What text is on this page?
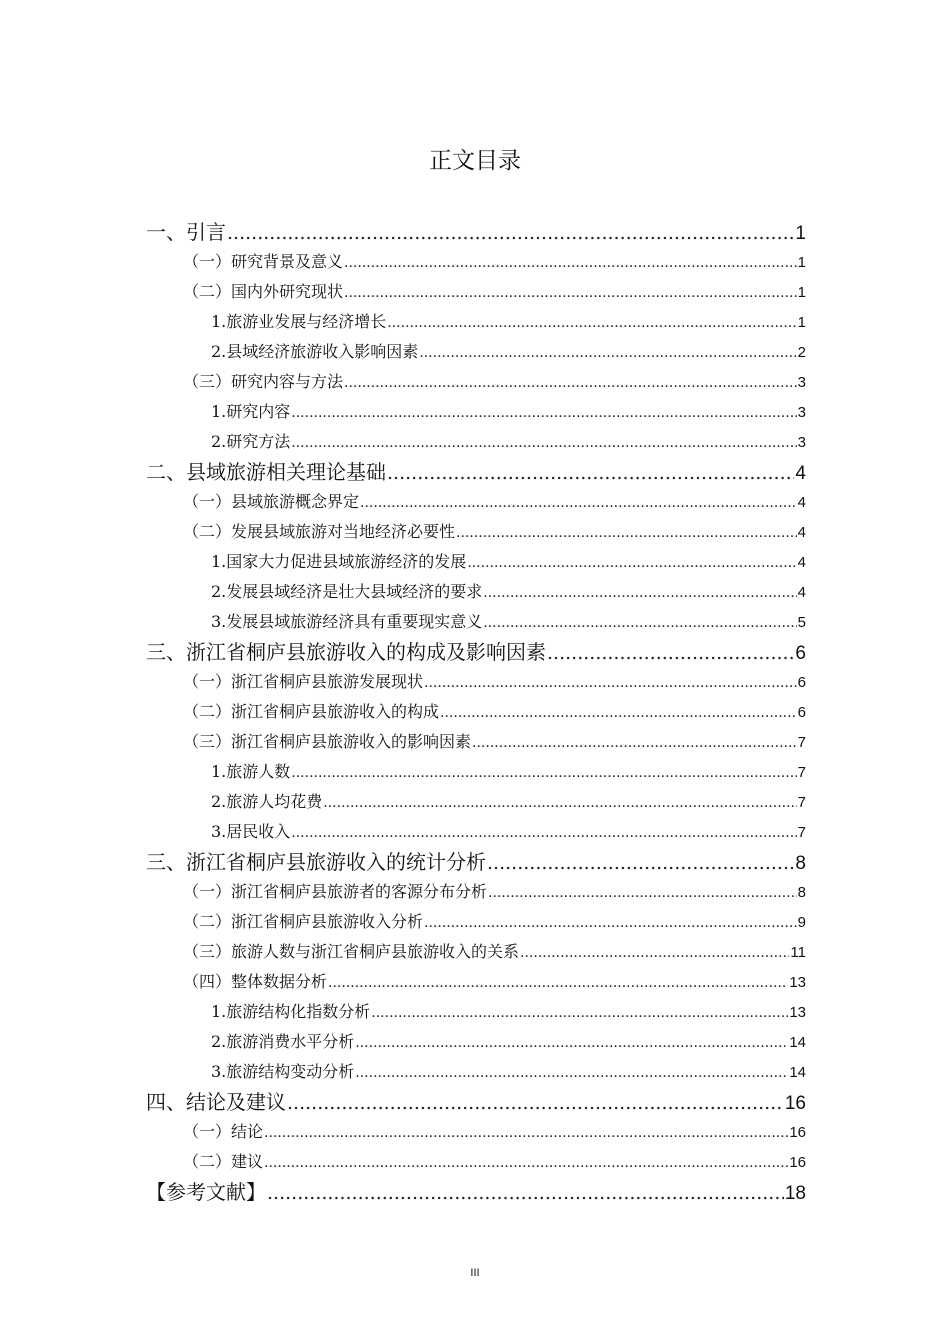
正文目录
一、引言 .....	1
（一）研究背景及意义 .....	1
（二）国内外研究现状 .....	1
1.旅游业发展与经济增长 .....	1
2.县域经济旅游收入影响因素 .....	2
（三）研究内容与方法 .....	3
1.研究内容 .....	3
2.研究方法 .....	3
二、县域旅游相关理论基础 .....	4
（一）县域旅游概念界定 .....	4
（二）发展县域旅游对当地经济必要性 .....	4
1.国家大力促进县域旅游经济的发展 .....	4
2.发展县域经济是壮大县域经济的要求 .....	4
3.发展县域旅游经济具有重要现实意义 .....	5
三、浙江省桐庐县旅游收入的构成及影响因素 .....	6
（一）浙江省桐庐县旅游发展现状 .....	6
（二）浙江省桐庐县旅游收入的构成 .....	6
（三）浙江省桐庐县旅游收入的影响因素 .....	7
1.旅游人数 .....	7
2.旅游人均花费 .....	7
3.居民收入 .....	7
三、浙江省桐庐县旅游收入的统计分析 .....	8
（一）浙江省桐庐县旅游者的客源分布分析 .....	8
（二）浙江省桐庐县旅游收入分析 .....	9
（三）旅游人数与浙江省桐庐县旅游收入的关系 .....	11
（四）整体数据分析 .....	13
1.旅游结构化指数分析 .....	13
2.旅游消费水平分析 .....	14
3.旅游结构变动分析 .....	14
四、结论及建议 .....	16
（一）结论 .....	16
（二）建议 .....	16
【参考文献】 .....	18
III
